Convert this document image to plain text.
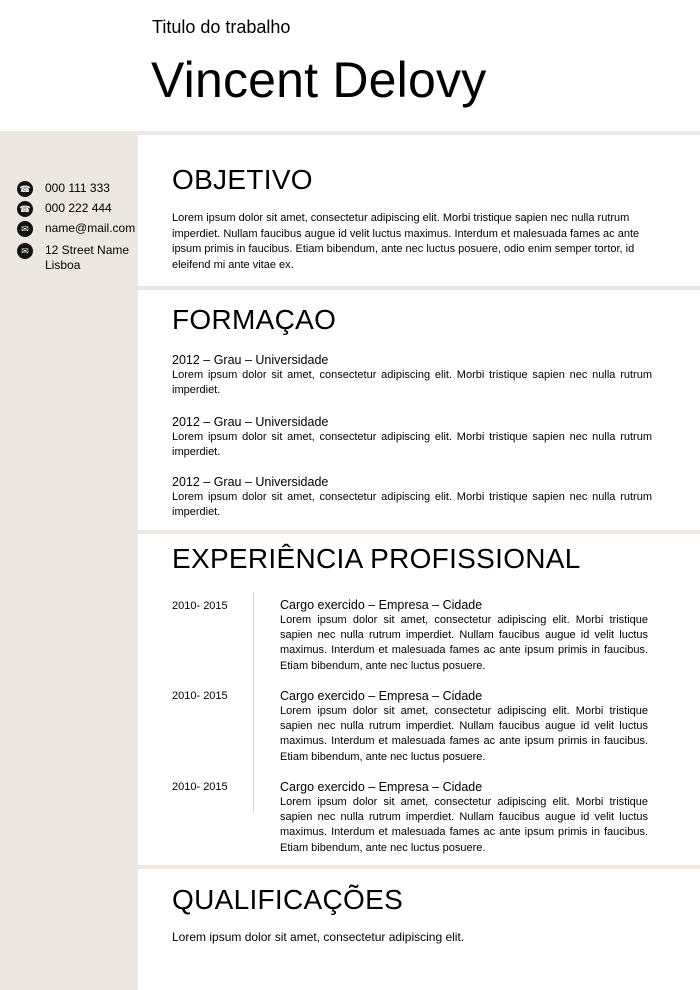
Titulo do trabalho
Vincent Delovy
☎ 000 111 333
☎ 000 222 444
✉	name@mail.com
✉	12 Street Name
Lisboa
OBJETIVO
Lorem ipsum dolor sit amet, consectetur adipiscing elit. Morbi tristique sapien nec nulla rutrum imperdiet. Nullam faucibus augue id velit luctus maximus. Interdum et malesuada fames ac ante ipsum primis in faucibus. Etiam bibendum, ante nec luctus posuere, odio enim semper tortor, id eleifend mi ante vitae ex.
FORMAÇAO
2012 – Grau – Universidade
Lorem ipsum dolor sit amet, consectetur adipiscing elit. Morbi tristique sapien nec nulla rutrum imperdiet.
2012 – Grau – Universidade
Lorem ipsum dolor sit amet, consectetur adipiscing elit. Morbi tristique sapien nec nulla rutrum imperdiet.
2012 – Grau – Universidade
Lorem ipsum dolor sit amet, consectetur adipiscing elit. Morbi tristique sapien nec nulla rutrum imperdiet.
EXPERIÊNCIA PROFISSIONAL
2010- 2015	Cargo exercido – Empresa – Cidade
Lorem ipsum dolor sit amet, consectetur adipiscing elit. Morbi tristique sapien nec nulla rutrum imperdiet. Nullam faucibus augue id velit luctus maximus. Interdum et malesuada fames ac ante ipsum primis in faucibus. Etiam bibendum, ante nec luctus posuere.
2010- 2015	Cargo exercido – Empresa – Cidade
Lorem ipsum dolor sit amet, consectetur adipiscing elit. Morbi tristique sapien nec nulla rutrum imperdiet. Nullam faucibus augue id velit luctus maximus. Interdum et malesuada fames ac ante ipsum primis in faucibus. Etiam bibendum, ante nec luctus posuere.
2010- 2015	Cargo exercido – Empresa – Cidade
Lorem ipsum dolor sit amet, consectetur adipiscing elit. Morbi tristique sapien nec nulla rutrum imperdiet. Nullam faucibus augue id velit luctus maximus. Interdum et malesuada fames ac ante ipsum primis in faucibus. Etiam bibendum, ante nec luctus posuere.
QUALIFICAÇÕES
Lorem ipsum dolor sit amet, consectetur adipiscing elit.
